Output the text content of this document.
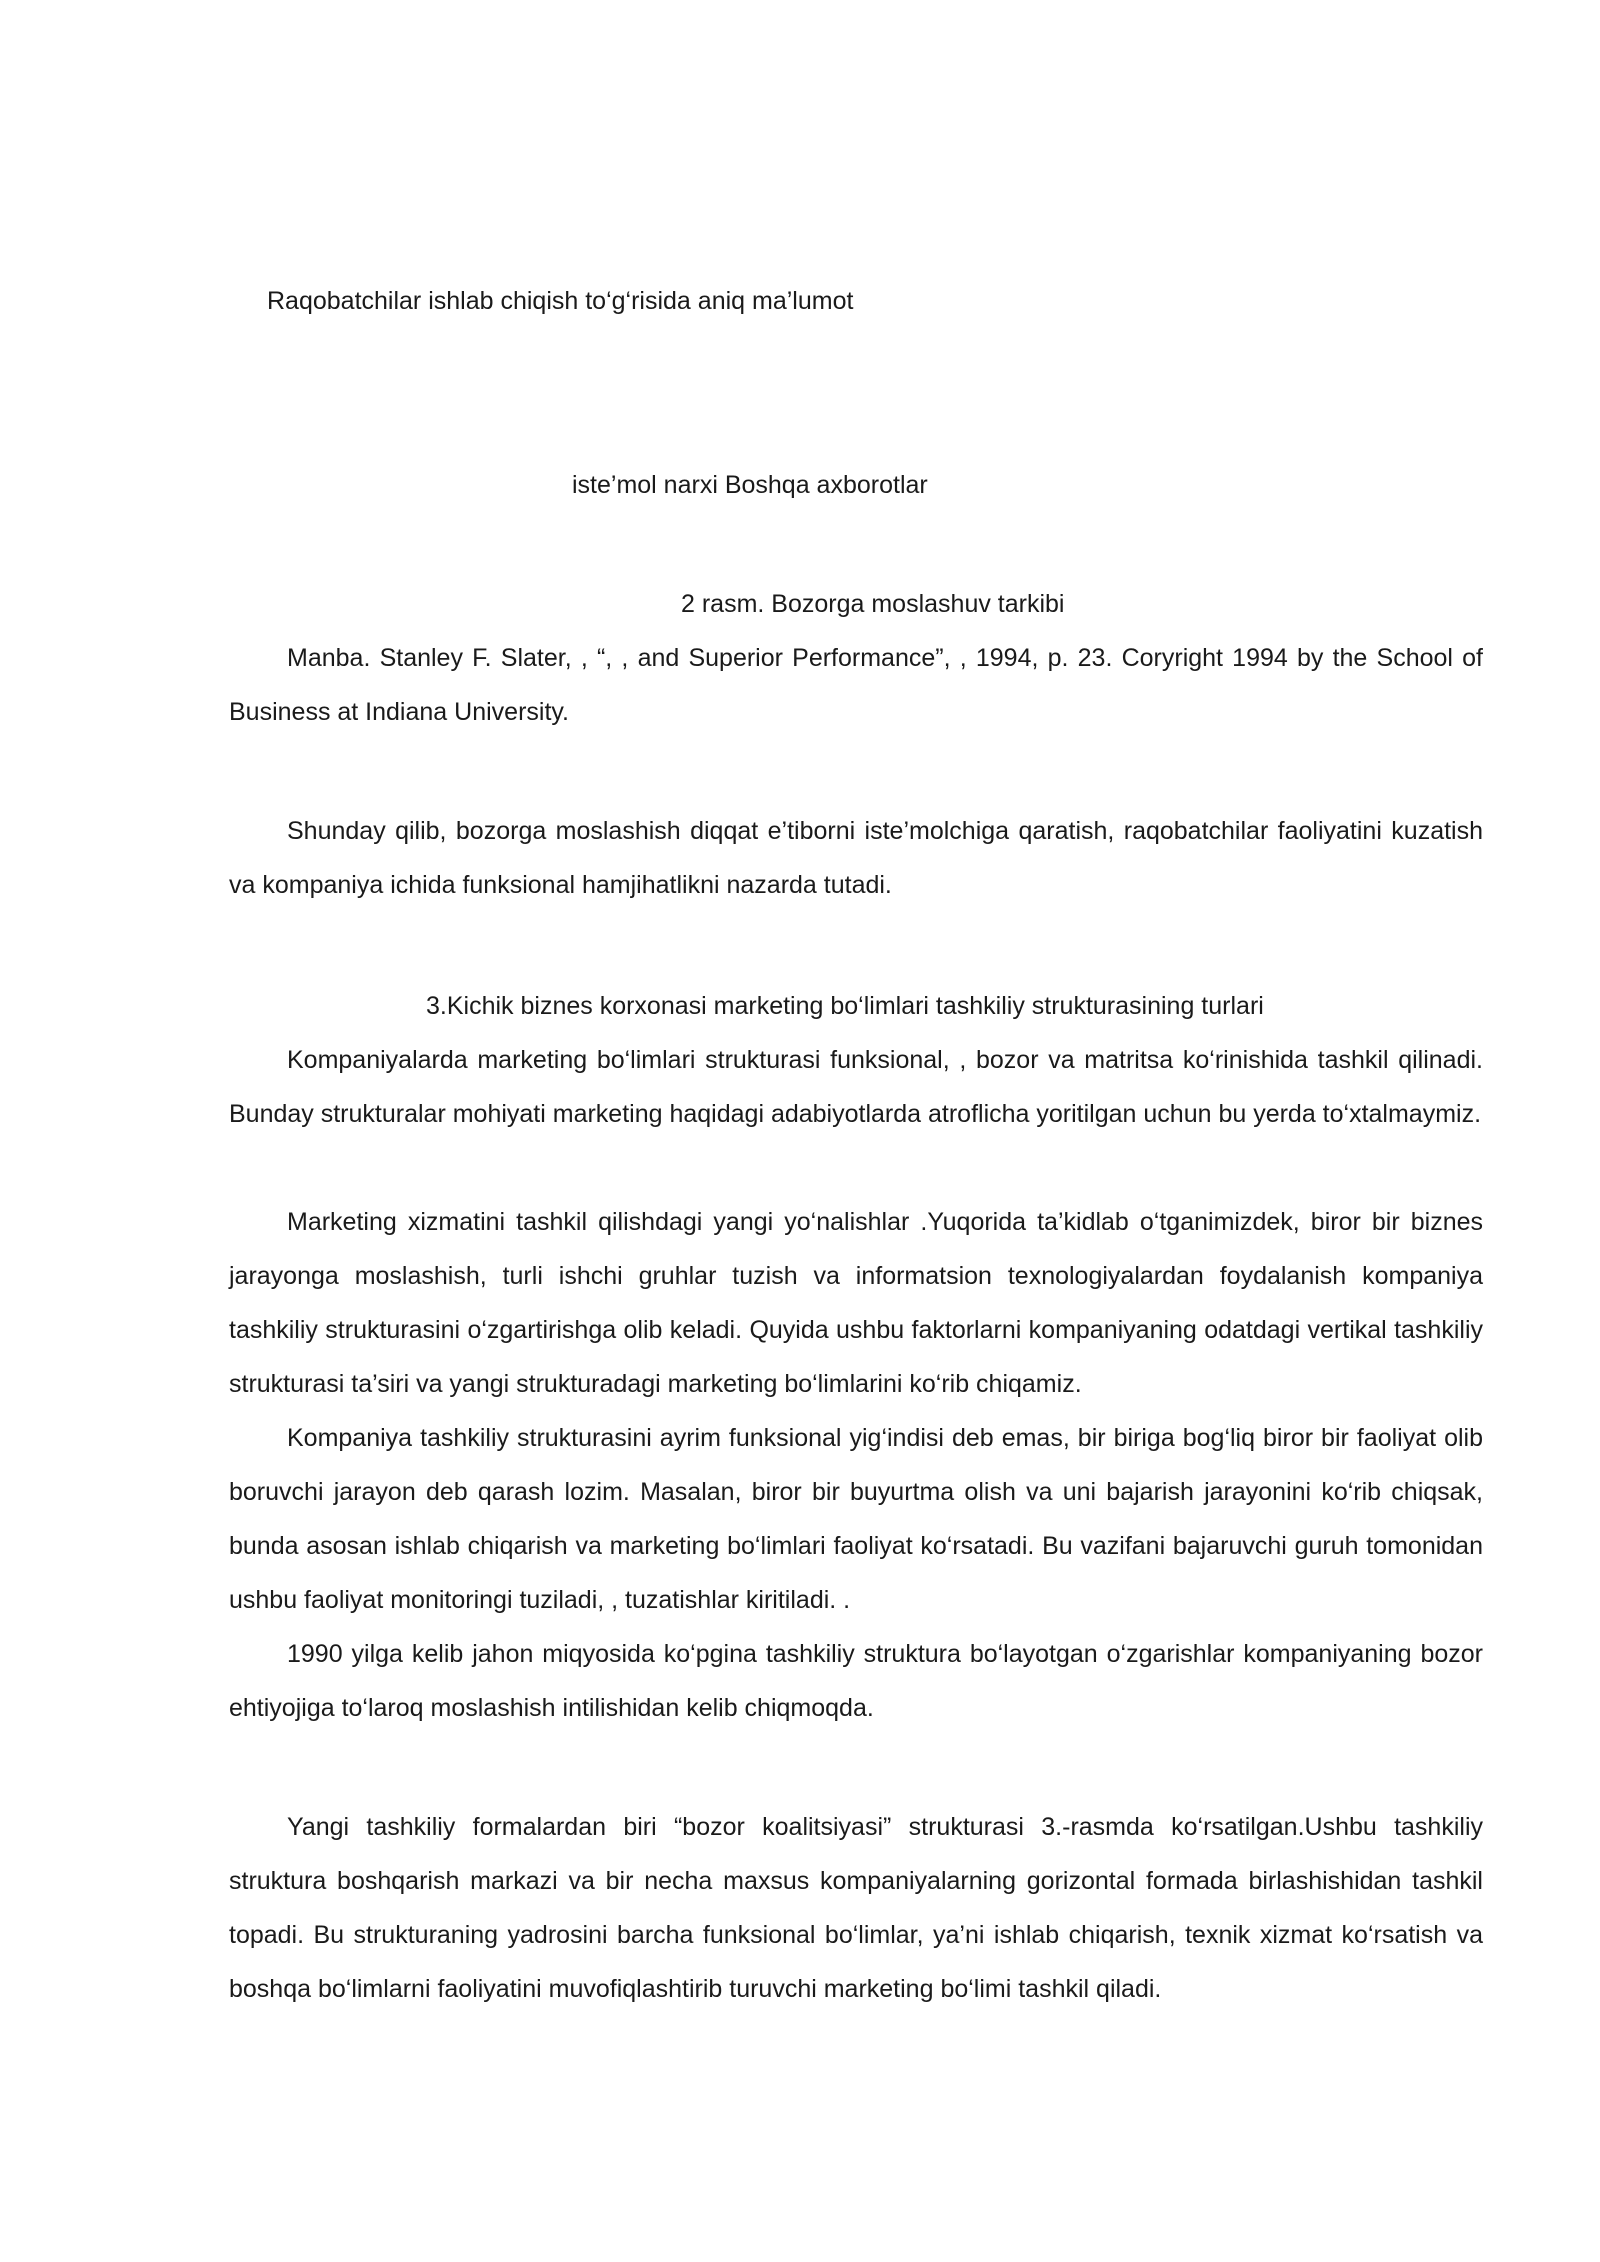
Raqobatchilar ishlab chiqish to‘g‘risida aniq ma’lumot
iste’mol narxi Boshqa axborotlar
2 rasm. Bozorga moslashuv tarkibi
Manba. Stanley F. Slater, , “, , and Superior Performance”, , 1994, p. 23. Coryright 1994 by the School of Business at Indiana University.
Shunday qilib, bozorga moslashish diqqat e’tiborni iste’molchiga qaratish, raqobatchilar faoliyatini kuzatish va kompaniya ichida funksional hamjihatlikni nazarda tutadi.
3.Kichik biznes korxonasi marketing bo‘limlari tashkiliy strukturasining turlari
Kompaniyalarda marketing bo‘limlari strukturasi funksional, , bozor va matritsa ko‘rinishida tashkil qilinadi. Bunday strukturalar mohiyati marketing haqidagi adabiyotlarda atroflicha yoritilgan uchun bu yerda to‘xtalmaymiz.
Marketing xizmatini tashkil qilishdagi yangi yo‘nalishlar .Yuqorida ta’kidlab o‘tganimizdek, biror bir biznes jarayonga moslashish, turli ishchi gruhlar tuzish va informatsion texnologiyalardan foydalanish kompaniya tashkiliy strukturasini o‘zgartirishga olib keladi. Quyida ushbu faktorlarni kompaniyaning odatdagi vertikal tashkiliy strukturasi ta’siri va yangi strukturadagi marketing bo‘limlarini ko‘rib chiqamiz.
Kompaniya tashkiliy strukturasini ayrim funksional yig‘indisi deb emas, bir biriga bog‘liq biror bir faoliyat olib boruvchi jarayon deb qarash lozim. Masalan, biror bir buyurtma olish va uni bajarish jarayonini ko‘rib chiqsak, bunda asosan ishlab chiqarish va marketing bo‘limlari faoliyat ko‘rsatadi. Bu vazifani bajaruvchi guruh tomonidan ushbu faoliyat monitoringi tuziladi, , tuzatishlar kiritiladi. .
1990 yilga kelib jahon miqyosida ko‘pgina tashkiliy struktura bo‘layotgan o‘zgarishlar kompaniyaning bozor ehtiyojiga to‘laroq moslashish intilishidan kelib chiqmoqda.
Yangi tashkiliy formalardan biri “bozor koalitsiyasi” strukturasi 3.-rasmda ko‘rsatilgan.Ushbu tashkiliy struktura boshqarish markazi va bir necha maxsus kompaniyalarning gorizontal formada birlashishidan tashkil topadi. Bu strukturaning yadrosini barcha funksional bo‘limlar, ya’ni ishlab chiqarish, texnik xizmat ko‘rsatish va boshqa bo‘limlarni faoliyatini muvofiqlashtirib turuvchi marketing bo‘limi tashkil qiladi.
